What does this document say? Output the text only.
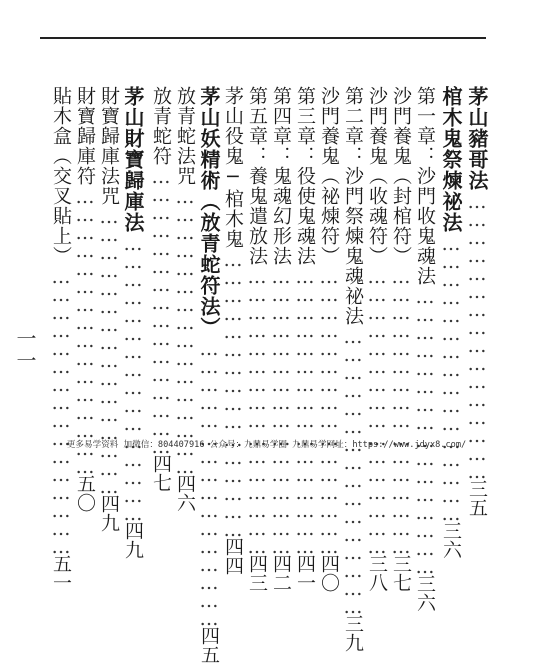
茅山豬哥法
…………………………………………
三五
棺木鬼祭煉祕法
…………………………………………
三六
第一章：沙門收鬼魂法
…………………………………………
三六
沙門養鬼（封棺符）
…………………………………………
三七
沙門養鬼（收魂符）
…………………………………………
三八
第二章：沙門祭煉鬼魂祕法
…………………………………………
三九
沙門養鬼（祕煉符）
…………………………………………
四〇
第三章：役使鬼魂法
…………………………………………
四一
第四章：鬼魂幻形法
…………………………………………
四二
第五章：養鬼遣放法
…………………………………………
四三
茅山役鬼─棺木鬼
…………………………………………
四四
茅山妖精術（放青蛇符法）
…………………………………………
四五
放青蛇法咒
…………………………………………
四六
放青蛇符
…………………………………………
四七
茅山財寶歸庫法
…………………………………………
四九
財寶歸庫法咒
…………………………………………
四九
財寶歸庫符
…………………………………………
五〇
貼木盒（交叉貼上）
…………………………………………
五一
一一
更多易学资料 加微信：804407916 公众号：九鼎易学圈 九鼎易学网址：https://www.jdyx8.com/
